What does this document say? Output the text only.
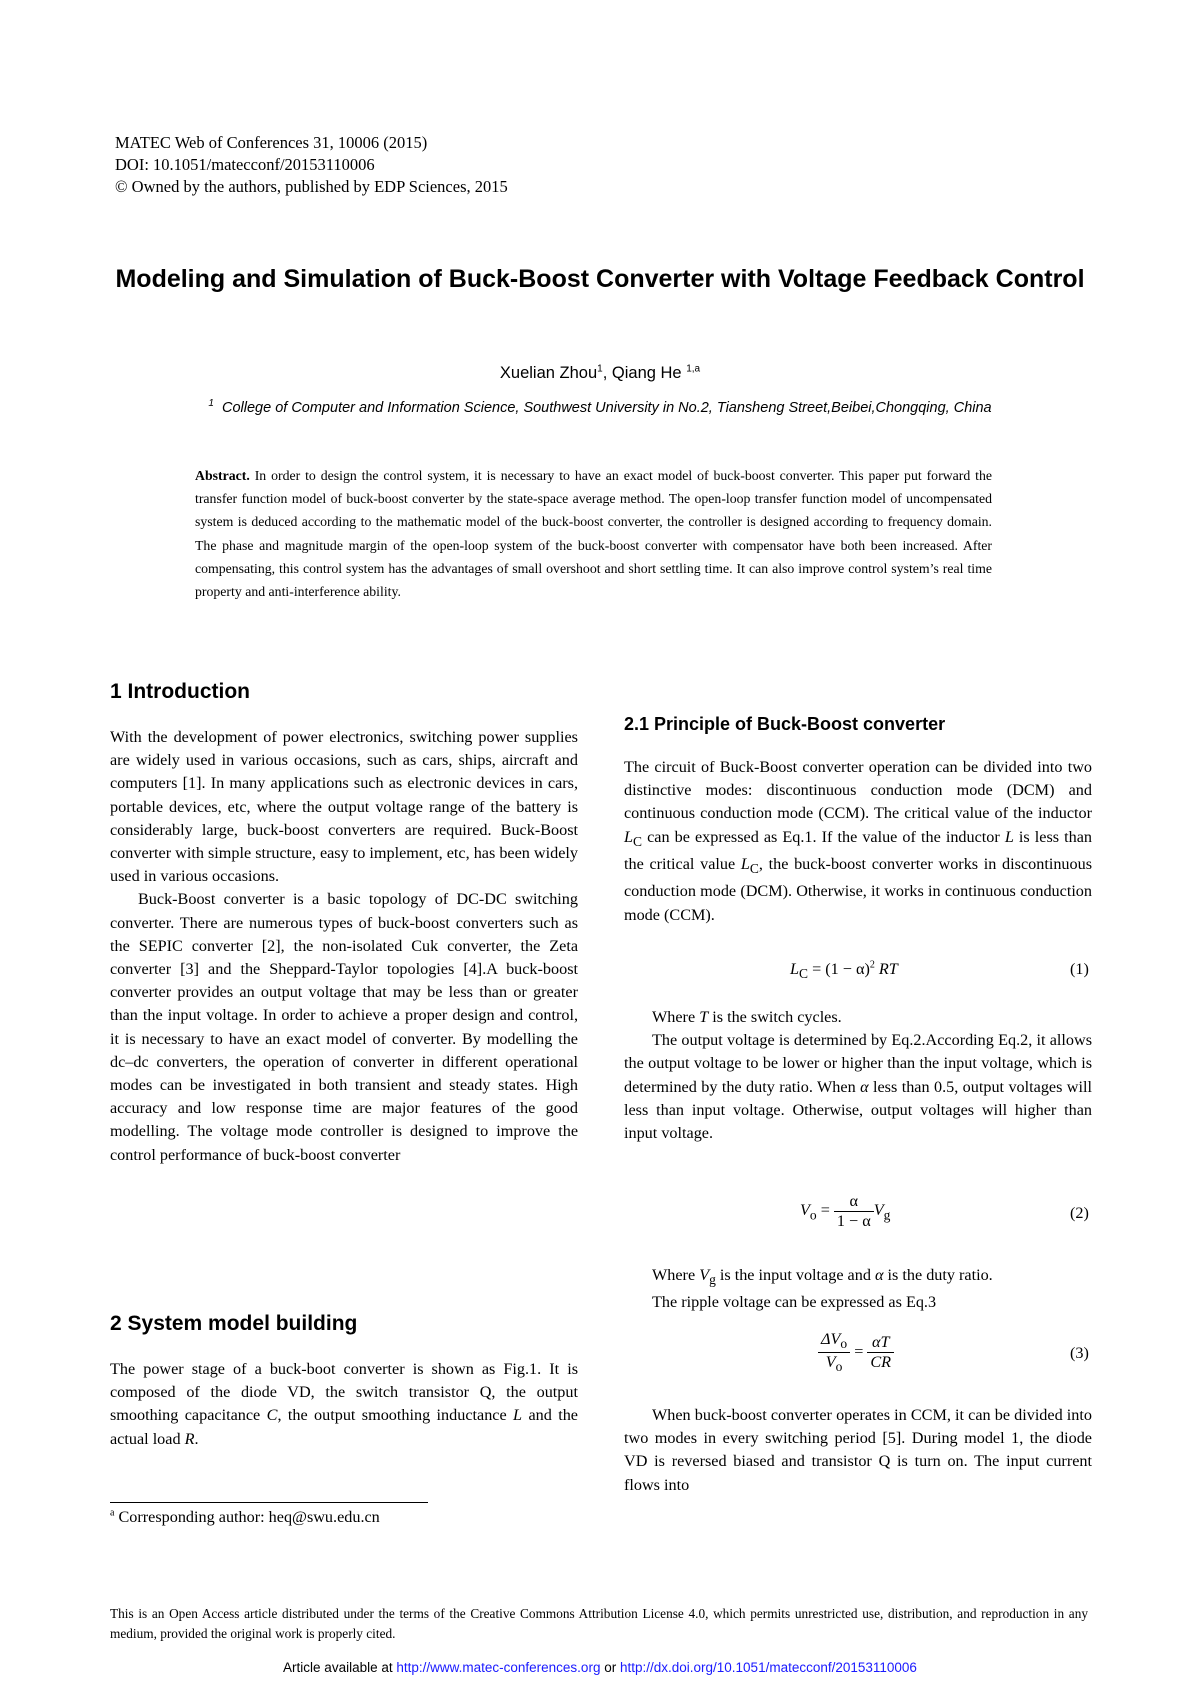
MATEC Web of Conferences 31, 10006 (2015)
DOI: 10.1051/matecconf/20153110006
© Owned by the authors, published by EDP Sciences, 2015
Modeling and Simulation of Buck-Boost Converter with Voltage Feedback Control
Xuelian Zhou$^1$, Qiang He $^{1,a}$
$^1$ College of Computer and Information Science, Southwest University in No.2, Tiansheng Street,Beibei,Chongqing, China
Abstract. In order to design the control system, it is necessary to have an exact model of buck-boost converter. This paper put forward the transfer function model of buck-boost converter by the state-space average method. The open-loop transfer function model of uncompensated system is deduced according to the mathematic model of the buck-boost converter, the controller is designed according to frequency domain. The phase and magnitude margin of the open-loop system of the buck-boost converter with compensator have both been increased. After compensating, this control system has the advantages of small overshoot and short settling time. It can also improve control system’s real time property and anti-interference ability.
1 Introduction

With the development of power electronics, switching power supplies are widely used in various occasions, such as cars, ships, aircraft and computers [1]. In many applications such as electronic devices in cars, portable devices, etc, where the output voltage range of the battery is considerably large, buck-boost converters are required. Buck-Boost converter with simple structure, easy to implement, etc, has been widely used in various occasions.

Buck-Boost converter is a basic topology of DC-DC switching converter. There are numerous types of buck-boost converters such as the SEPIC converter [2], the non-isolated Cuk converter, the Zeta converter [3] and the Sheppard-Taylor topologies [4].A buck-boost converter provides an output voltage that may be less than or greater than the input voltage. In order to achieve a proper design and control, it is necessary to have an exact model of converter. By modelling the dc–dc converters, the operation of converter in different operational modes can be investigated in both transient and steady states. High accuracy and low response time are major features of the good modelling. The voltage mode controller is designed to improve the control performance of buck-boost converter

2 System model building

The power stage of a buck-boot converter is shown as Fig.1. It is composed of the diode VD, the switch transistor Q, the output smoothing capacitance C, the output smoothing inductance L and the actual load R.

2.1 Principle of Buck-Boost converter

The circuit of Buck-Boost converter operation can be divided into two distinctive modes: discontinuous conduction mode (DCM) and continuous conduction mode (CCM). The critical value of the inductor $L_C$ can be expressed as Eq.1. If the value of the inductor L is less than the critical value $L_C$, the buck-boost converter works in discontinuous conduction mode (DCM). Otherwise, it works in continuous conduction mode (CCM).

$L_C = (1 - \alpha)^2$ RT	(1)

Where T is the switch cycles.

The output voltage is determined by Eq.2.According Eq.2, it allows the output voltage to be lower or higher than the input voltage, which is determined by the duty ratio. When α less than 0.5, output voltages will less than input voltage. Otherwise, output voltages will higher than input voltage.

$V_o = \frac{\alpha}{1 - \alpha} V_g$	(2)

Where $V_g$ is the input voltage and α is the duty ratio.

The ripple voltage can be expressed as Eq.3

$\frac{\Delta V_o}{V_o} = \frac{\alpha T}{CR}$	(3)

When buck-boost converter operates in CCM, it can be divided into two modes in every switching period [5]. During model 1, the diode VD is reversed biased and transistor Q is turn on. The input current flows into

$^a$ Corresponding author: heq@swu.edu.cn
This is an Open Access article distributed under the terms of the Creative Commons Attribution License 4.0, which permits unrestricted use, distribution, and reproduction in any medium, provided the original work is properly cited.
Article available at http://www.matec-conferences.org or http://dx.doi.org/10.1051/matecconf/20153110006
